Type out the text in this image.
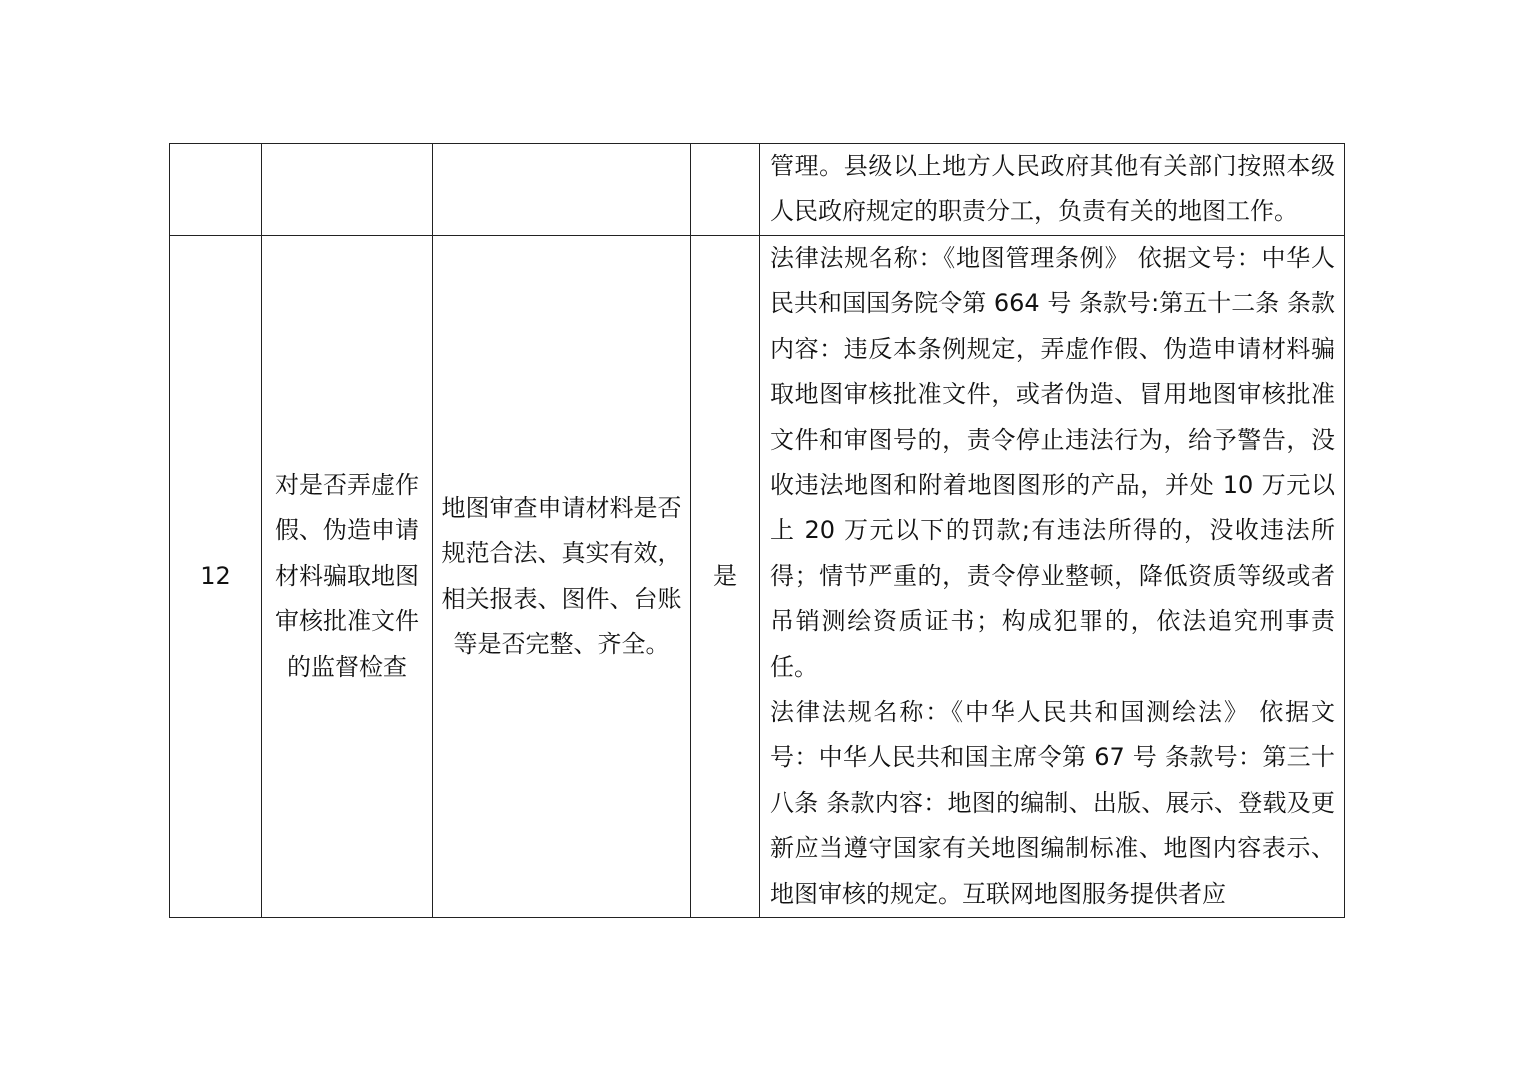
				管理。县级以上地方人民政府其他有关部门按照本级人民政府规定的职责分工，负责有关的地图工作。

12	对是否弄虚作假、伪造申请材料骗取地图审核批准文件的监督检查	地图审查申请材料是否规范合法、真实有效，相关报表、图件、台账等是否完整、齐全。	是	法律法规名称：《地图管理条例》 依据文号：中华人民共和国国务院令第 664 号 条款号:第五十二条 条款内容：违反本条例规定，弄虚作假、伪造申请材料骗取地图审核批准文件，或者伪造、冒用地图审核批准文件和审图号的，责令停止违法行为，给予警告，没收违法地图和附着地图图形的产品，并处 10 万元以上 20 万元以下的罚款;有违法所得的，没收违法所得；情节严重的，责令停业整顿，降低资质等级或者吊销测绘资质证书；构成犯罪的，依法追究刑事责任。
法律法规名称：《中华人民共和国测绘法》 依据文号：中华人民共和国主席令第 67 号 条款号：第三十八条 条款内容：地图的编制、出版、展示、登载及更新应当遵守国家有关地图编制标准、地图内容表示、地图审核的规定。互联网地图服务提供者应
